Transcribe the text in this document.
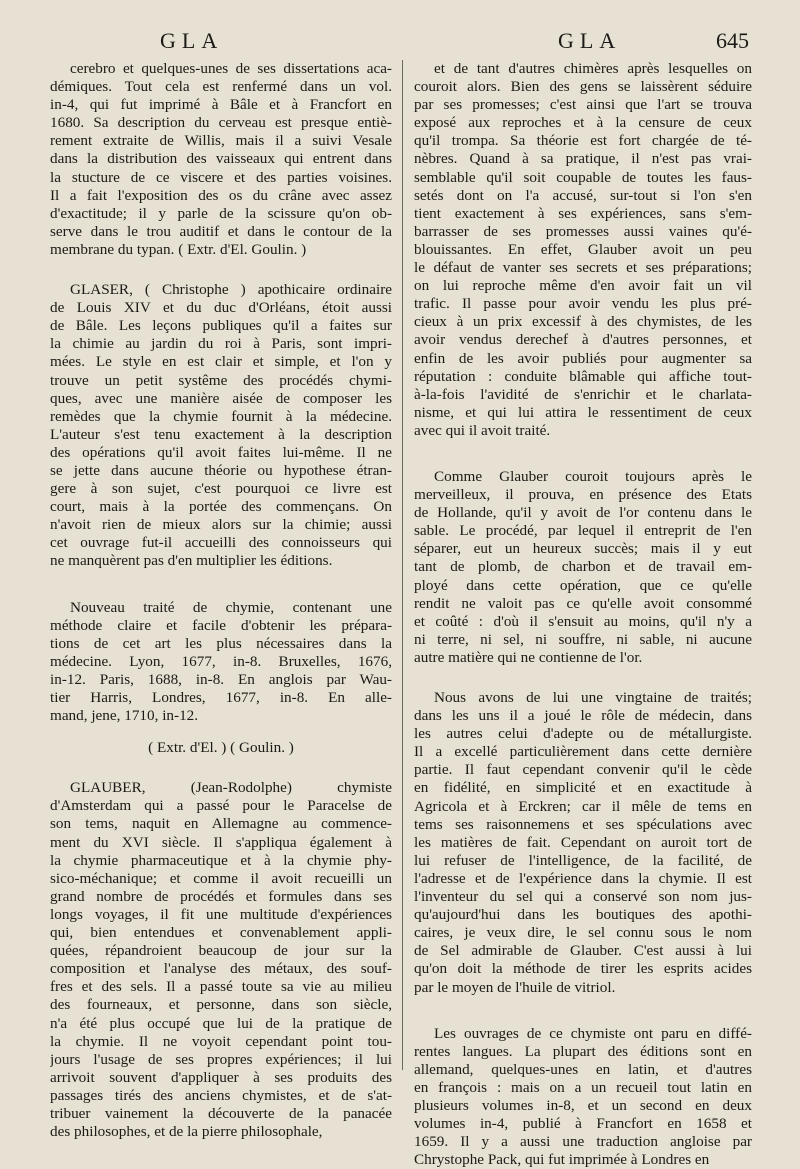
GLA	GLA	645

cerebro et quelques-unes de ses dissertations aca-
démiques. Tout cela est renfermé dans un vol.
in-4, qui fut imprimé à Bâle et à Francfort en
1680. Sa description du cerveau est presque entiè-
rement extraite de Willis, mais il a suivi Vesale
dans la distribution des vaisseaux qui entrent dans
la stucture de ce viscere et des parties voisines.
Il a fait l'exposition des os du crâne avec assez
d'exactitude; il y parle de la scissure qu'on ob-
serve dans le trou auditif et dans le contour de la
membrane du typan. ( Extr. d'El. Goulin. )

GLASER, ( Christophe ) apothicaire ordinaire
de Louis XIV et du duc d'Orléans, étoit aussi
de Bâle. Les leçons publiques qu'il a faites sur
la chimie au jardin du roi à Paris, sont impri-
mées. Le style en est clair et simple, et l'on y
trouve un petit systême des procédés chymi-
ques, avec une manière aisée de composer les
remèdes que la chymie fournit à la médecine.
L'auteur s'est tenu exactement à la description
des opérations qu'il avoit faites lui-même. Il ne
se jette dans aucune théorie ou hypothese étran-
gere à son sujet, c'est pourquoi ce livre est
court, mais à la portée des commençans. On
n'avoit rien de mieux alors sur la chimie; aussi
cet ouvrage fut-il accueilli des connoisseurs qui
ne manquèrent pas d'en multiplier les éditions.

Nouveau traité de chymie, contenant une
méthode claire et facile d'obtenir les prépara-
tions de cet art les plus nécessaires dans la
médecine. Lyon, 1677, in-8. Bruxelles, 1676,
in-12. Paris, 1688, in-8. En anglois par Wau-
tier Harris, Londres, 1677, in-8. En alle-
mand, jene, 1710, in-12.

( Extr. d'El. ) ( Goulin. )

GLAUBER, (Jean-Rodolphe) chymiste
d'Amsterdam qui a passé pour le Paracelse de
son tems, naquit en Allemagne au commence-
ment du XVI siècle. Il s'appliqua également à
la chymie pharmaceutique et à la chymie phy-
sico-méchanique; et comme il avoit recueilli un
grand nombre de procédés et formules dans ses
longs voyages, il fit une multitude d'expériences
qui, bien entendues et convenablement appli-
quées, répandroient beaucoup de jour sur la
composition et l'analyse des métaux, des souf-
fres et des sels. Il a passé toute sa vie au milieu
des fourneaux, et personne, dans son siècle,
n'a été plus occupé que lui de la pratique de
la chymie. Il ne voyoit cependant point tou-
jours l'usage de ses propres expériences; il lui
arrivoit souvent d'appliquer à ses produits des
passages tirés des anciens chymistes, et de s'at-
tribuer vainement la découverte de la panacée
des philosophes, et de la pierre philosophale,

et de tant d'autres chimères après lesquelles on
couroit alors. Bien des gens se laissèrent séduire
par ses promesses; c'est ainsi que l'art se trouva
exposé aux reproches et à la censure de ceux
qu'il trompa. Sa théorie est fort chargée de té-
nèbres. Quand à sa pratique, il n'est pas vrai-
semblable qu'il soit coupable de toutes les faus-
setés dont on l'a accusé, sur-tout si l'on s'en
tient exactement à ses expériences, sans s'em-
barrasser de ses promesses aussi vaines qu'é-
blouissantes. En effet, Glauber avoit un peu
le défaut de vanter ses secrets et ses préparations;
on lui reproche même d'en avoir fait un vil
trafic. Il passe pour avoir vendu les plus pré-
cieux à un prix excessif à des chymistes, de les
avoir vendus derechef à d'autres personnes, et
enfin de les avoir publiés pour augmenter sa
réputation : conduite blâmable qui affiche tout-
à-la-fois l'avidité de s'enrichir et le charlata-
nisme, et qui lui attira le ressentiment de ceux
avec qui il avoit traité.

Comme Glauber couroit toujours après le
merveilleux, il prouva, en présence des Etats
de Hollande, qu'il y avoit de l'or contenu dans le
sable. Le procédé, par lequel il entreprit de l'en
séparer, eut un heureux succès; mais il y eut
tant de plomb, de charbon et de travail em-
ployé dans cette opération, que ce qu'elle
rendit ne valoit pas ce qu'elle avoit consommé
et coûté : d'où il s'ensuit au moins, qu'il n'y a
ni terre, ni sel, ni souffre, ni sable, ni aucune
autre matière qui ne contienne de l'or.

Nous avons de lui une vingtaine de traités;
dans les uns il a joué le rôle de médecin, dans
les autres celui d'adepte ou de métallurgiste.
Il a excellé particulièrement dans cette dernière
partie. Il faut cependant convenir qu'il le cède
en fidélité, en simplicité et en exactitude à
Agricola et à Erckren; car il mêle de tems en
tems ses raisonnemens et ses spéculations avec
les matières de fait. Cependant on auroit tort de
lui refuser de l'intelligence, de la facilité, de
l'adresse et de l'expérience dans la chymie. Il est
l'inventeur du sel qui a conservé son nom jus-
qu'aujourd'hui dans les boutiques des apothi-
caires, je veux dire, le sel connu sous le nom
de Sel admirable de Glauber. C'est aussi à lui
qu'on doit la méthode de tirer les esprits acides
par le moyen de l'huile de vitriol.

Les ouvrages de ce chymiste ont paru en diffé-
rentes langues. La plupart des éditions sont en
allemand, quelques-unes en latin, et d'autres
en françois : mais on a un recueil tout latin en
plusieurs volumes in-8, et un second en deux
volumes in-4, publié à Francfort en 1658 et
1659. Il y a aussi une traduction angloise par
Chrystophe Pack, qui fut imprimée à Londres en
